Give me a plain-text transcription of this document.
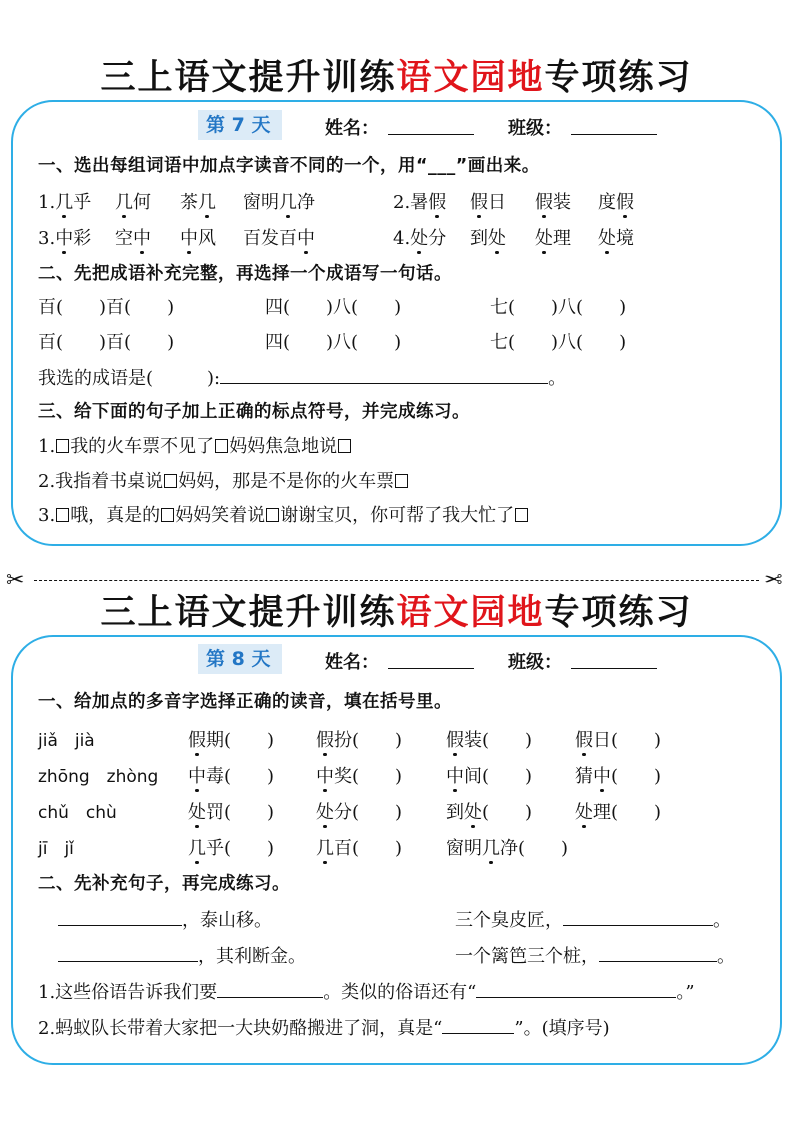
三上语文提升训练语文园地专项练习
第 7 天	姓名：	班级：
一、选出每组词语中加点字读音不同的一个，用“___”画出来。
1.几乎 几何 茶几 窗明几净	2.暑假 假日 假装 度假
3.中彩 空中 中风 百发百中	4.处分 到处 处理 处境
二、先把成语补充完整，再选择一个成语写一句话。
百(　　)百(　　)	四(　　)八(　　)	七(　　)八(　　)
百(　　)百(　　)	四(　　)八(　　)	七(　　)八(　　)
我选的成语是(　　　):	。
三、给下面的句子加上正确的标点符号，并完成练习。
1. 我的火车票不见了 妈妈焦急地说
2.我指着书桌说 妈妈，那是不是你的火车票
3. 哦，真是的 妈妈笑着说 谢谢宝贝，你可帮了我大忙了
✂	✂
三上语文提升训练语文园地专项练习
第 8 天	姓名：	班级：
一、给加点的多音字选择正确的读音，填在括号里。
jiǎ　jià	假期(　　) 假扮(　　) 假装(　　) 假日(　　)
zhōng　zhòng 中毒(　　) 中奖(　　) 中间(　　) 猜中(　　)
chǔ　chù	处罚(　　) 处分(　　) 到处(　　) 处理(　　)
jī　jǐ	几乎(　　) 几百(　　) 窗明几净(　　)
二、先补充句子，再完成练习。
，泰山移。	三个臭皮匠，	。
，其利断金。	一个篱笆三个桩，	。
1.这些俗语告诉我们要	。类似的俗语还有“	。”
2.蚂蚁队长带着大家把一大块奶酪搬进了洞，真是“	”。(填序号)
